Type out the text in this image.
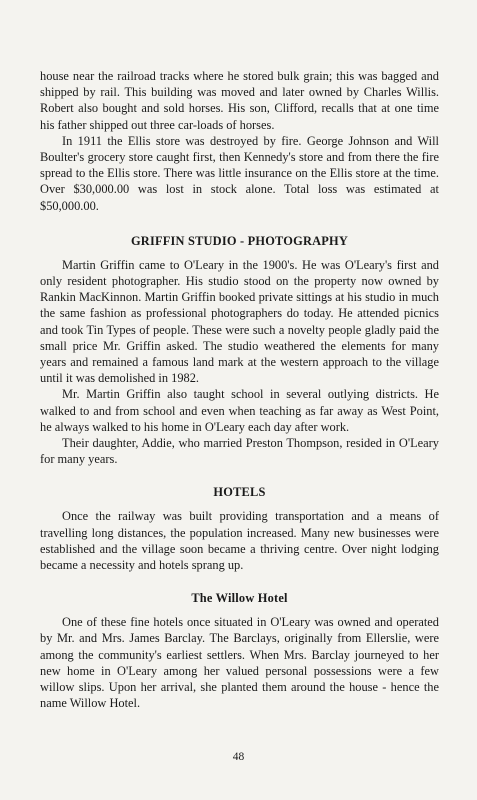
house near the railroad tracks where he stored bulk grain; this was bagged and shipped by rail. This building was moved and later owned by Charles Willis. Robert also bought and sold horses. His son, Clifford, recalls that at one time his father shipped out three car-loads of horses.

In 1911 the Ellis store was destroyed by fire. George Johnson and Will Boulter's grocery store caught first, then Kennedy's store and from there the fire spread to the Ellis store. There was little insurance on the Ellis store at the time. Over $30,000.00 was lost in stock alone. Total loss was estimated at $50,000.00.

GRIFFIN STUDIO - PHOTOGRAPHY

Martin Griffin came to O'Leary in the 1900's. He was O'Leary's first and only resident photographer. His studio stood on the property now owned by Rankin MacKinnon. Martin Griffin booked private sittings at his studio in much the same fashion as professional photographers do today. He attended picnics and took Tin Types of people. These were such a novelty people gladly paid the small price Mr. Griffin asked. The studio weathered the elements for many years and remained a famous land mark at the western approach to the village until it was demolished in 1982.

Mr. Martin Griffin also taught school in several outlying districts. He walked to and from school and even when teaching as far away as West Point, he always walked to his home in O'Leary each day after work.

Their daughter, Addie, who married Preston Thompson, resided in O'Leary for many years.

HOTELS

Once the railway was built providing transportation and a means of travelling long distances, the population increased. Many new businesses were established and the village soon became a thriving centre. Over night lodging became a necessity and hotels sprang up.

The Willow Hotel

One of these fine hotels once situated in O'Leary was owned and operated by Mr. and Mrs. James Barclay. The Barclays, originally from Ellerslie, were among the community's earliest settlers. When Mrs. Barclay journeyed to her new home in O'Leary among her valued personal possessions were a few willow slips. Upon her arrival, she planted them around the house - hence the name Willow Hotel.

48
